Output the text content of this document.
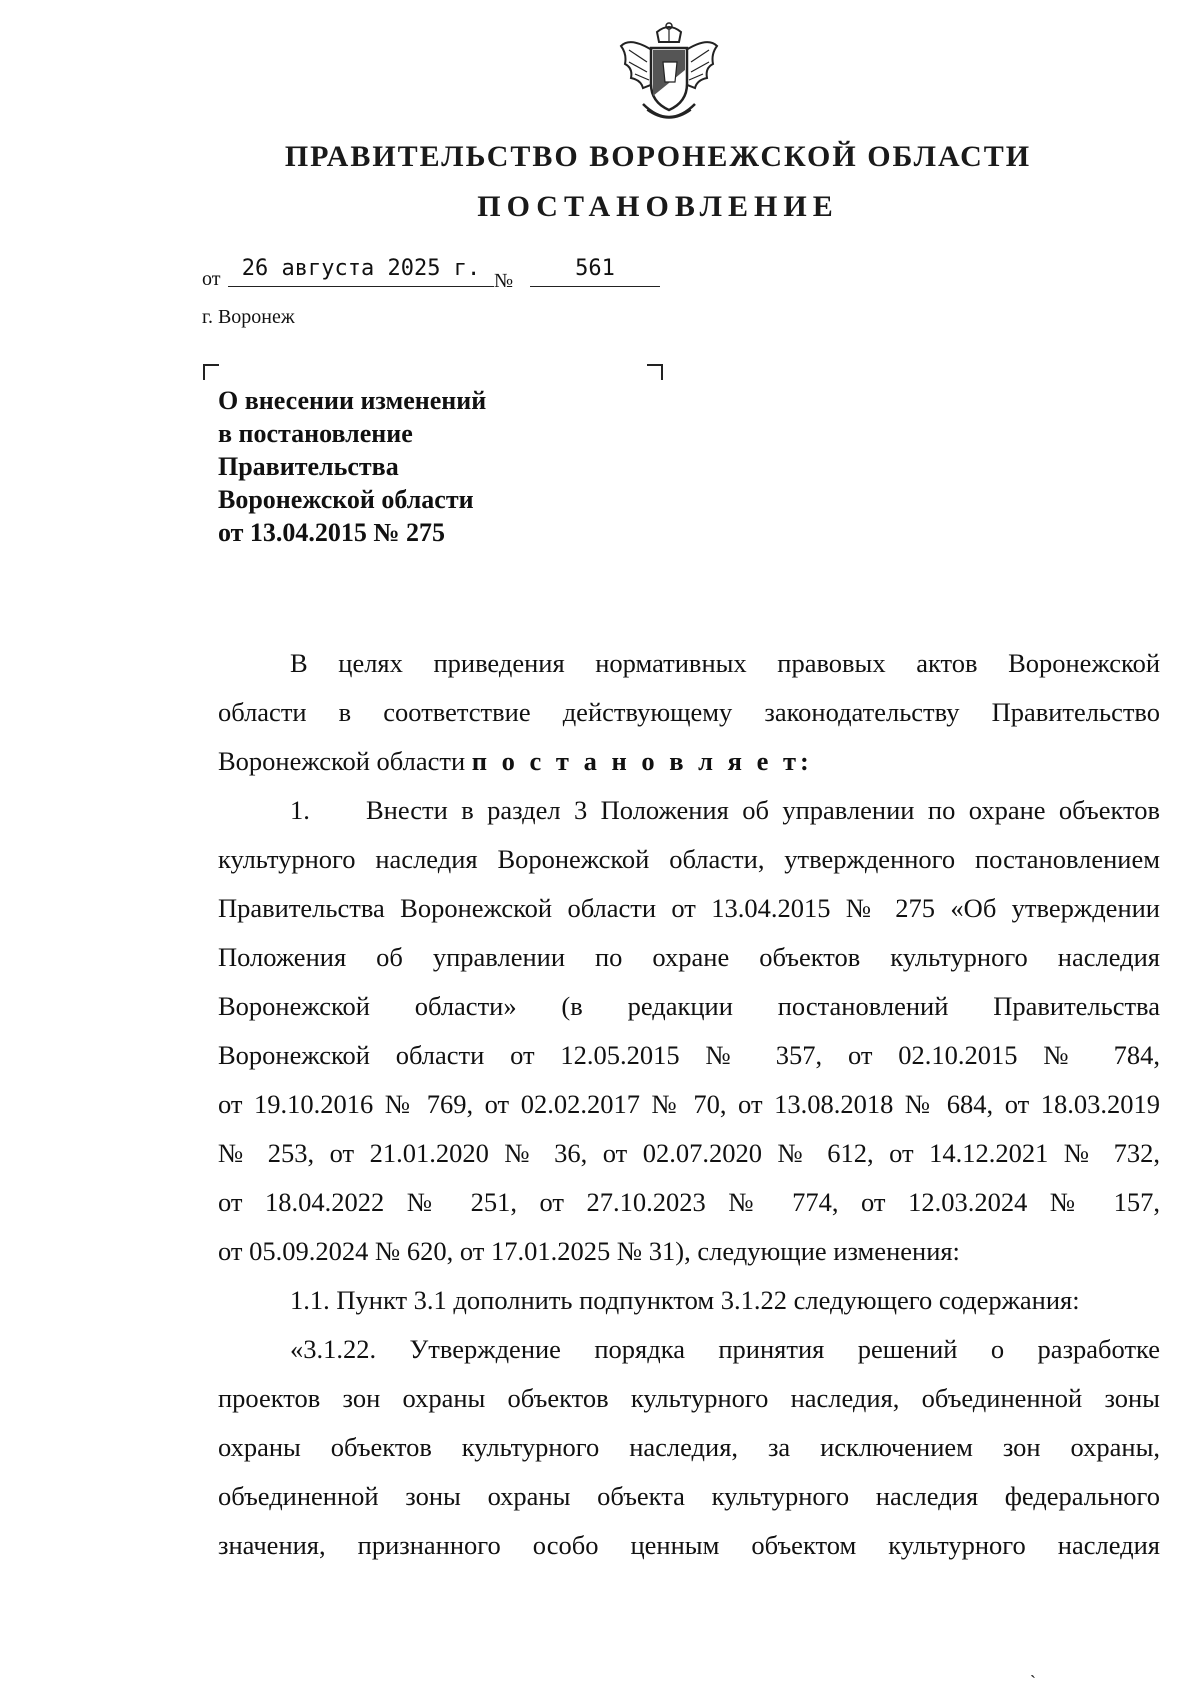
ПРАВИТЕЛЬСТВО ВОРОНЕЖСКОЙ ОБЛАСТИ
ПОСТАНОВЛЕНИЕ
от 26 августа 2025 г. №	561
г. Воронеж
О внесении изменений
в постановление
Правительства
Воронежской области
от 13.04.2015 № 275
В целях приведения нормативных правовых актов Воронежской
области в соответствие действующему законодательству Правительство
Воронежской области п о с т а н о в л я е т:
1. Внести в раздел 3 Положения об управлении по охране объектов
культурного наследия Воронежской области, утвержденного постановлением
Правительства Воронежской области от 13.04.2015 № 275 «Об утверждении
Положения об управлении по охране объектов культурного наследия
Воронежской области» (в редакции постановлений Правительства
Воронежской области от 12.05.2015 № 357, от 02.10.2015 № 784,
от 19.10.2016 № 769, от 02.02.2017 № 70, от 13.08.2018 № 684, от 18.03.2019
№ 253, от 21.01.2020 № 36, от 02.07.2020 № 612, от 14.12.2021 № 732,
от 18.04.2022 № 251, от 27.10.2023 № 774, от 12.03.2024 № 157,
от 05.09.2024 № 620, от 17.01.2025 № 31), следующие изменения:
1.1. Пункт 3.1 дополнить подпунктом 3.1.22 следующего содержания:
«3.1.22. Утверждение порядка принятия решений о разработке
проектов зон охраны объектов культурного наследия, объединенной зоны
охраны объектов культурного наследия, за исключением зон охраны,
объединенной зоны охраны объекта культурного наследия федерального
значения, признанного особо ценным объектом культурного наследия
ˏ
